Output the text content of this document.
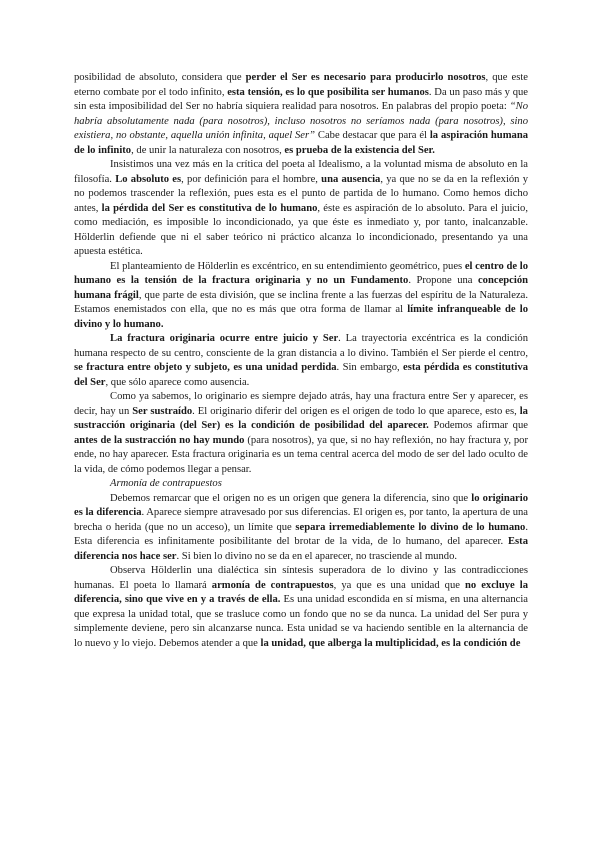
posibilidad de absoluto, considera que perder el Ser es necesario para producirlo nosotros, que este eterno combate por el todo infinito, esta tensión, es lo que posibilita ser humanos. Da un paso más y que sin esta imposibilidad del Ser no habría siquiera realidad para nosotros. En palabras del propio poeta: “No habría absolutamente nada (para nosotros), incluso nosotros no seríamos nada (para nosotros), sino existiera, no obstante, aquella unión infinita, aquel Ser” Cabe destacar que para él la aspiración humana de lo infinito, de unir la naturaleza con nosotros, es prueba de la existencia del Ser.

Insistimos una vez más en la crítica del poeta al Idealismo, a la voluntad misma de absoluto en la filosofía. Lo absoluto es, por definición para el hombre, una ausencia, ya que no se da en la reflexión y no podemos trascender la reflexión, pues esta es el punto de partida de lo humano. Como hemos dicho antes, la pérdida del Ser es constitutiva de lo humano, éste es aspiración de lo absoluto. Para el juicio, como mediación, es imposible lo incondicionado, ya que éste es inmediato y, por tanto, inalcanzable. Hölderlin defiende que ni el saber teórico ni práctico alcanza lo incondicionado, presentando ya una apuesta estética.

El planteamiento de Hölderlin es excéntrico, en su entendimiento geométrico, pues el centro de lo humano es la tensión de la fractura originaria y no un Fundamento. Propone una concepción humana frágil, que parte de esta división, que se inclina frente a las fuerzas del espíritu de la Naturaleza. Estamos enemistados con ella, que no es más que otra forma de llamar al límite infranqueable de lo divino y lo humano.

La fractura originaria ocurre entre juicio y Ser. La trayectoria excéntrica es la condición humana respecto de su centro, consciente de la gran distancia a lo divino. También el Ser pierde el centro, se fractura entre objeto y subjeto, es una unidad perdida. Sin embargo, esta pérdida es constitutiva del Ser, que sólo aparece como ausencia.

Como ya sabemos, lo originario es siempre dejado atrás, hay una fractura entre Ser y aparecer, es decir, hay un Ser sustraído. El originario diferir del origen es el origen de todo lo que aparece, esto es, la sustracción originaria (del Ser) es la condición de posibilidad del aparecer. Podemos afirmar que antes de la sustracción no hay mundo (para nosotros), ya que, si no hay reflexión, no hay fractura y, por ende, no hay aparecer. Esta fractura originaria es un tema central acerca del modo de ser del lado oculto de la vida, de cómo podemos llegar a pensar.

Armonía de contrapuestos

Debemos remarcar que el origen no es un origen que genera la diferencia, sino que lo originario es la diferencia. Aparece siempre atravesado por sus diferencias. El origen es, por tanto, la apertura de una brecha o herida (que no un acceso), un límite que separa irremediablemente lo divino de lo humano. Esta diferencia es infinitamente posibilitante del brotar de la vida, de lo humano, del aparecer. Esta diferencia nos hace ser. Si bien lo divino no se da en el aparecer, no trasciende al mundo.

Observa Hölderlin una dialéctica sin síntesis superadora de lo divino y las contradicciones humanas. El poeta lo llamará armonía de contrapuestos, ya que es una unidad que no excluye la diferencia, sino que vive en y a través de ella. Es una unidad escondida en sí misma, en una alternancia que expresa la unidad total, que se trasluce como un fondo que no se da nunca. La unidad del Ser pura y simplemente deviene, pero sin alcanzarse nunca. Esta unidad se va haciendo sentible en la alternancia de lo nuevo y lo viejo. Debemos atender a que la unidad, que alberga la multiplicidad, es la condición de
